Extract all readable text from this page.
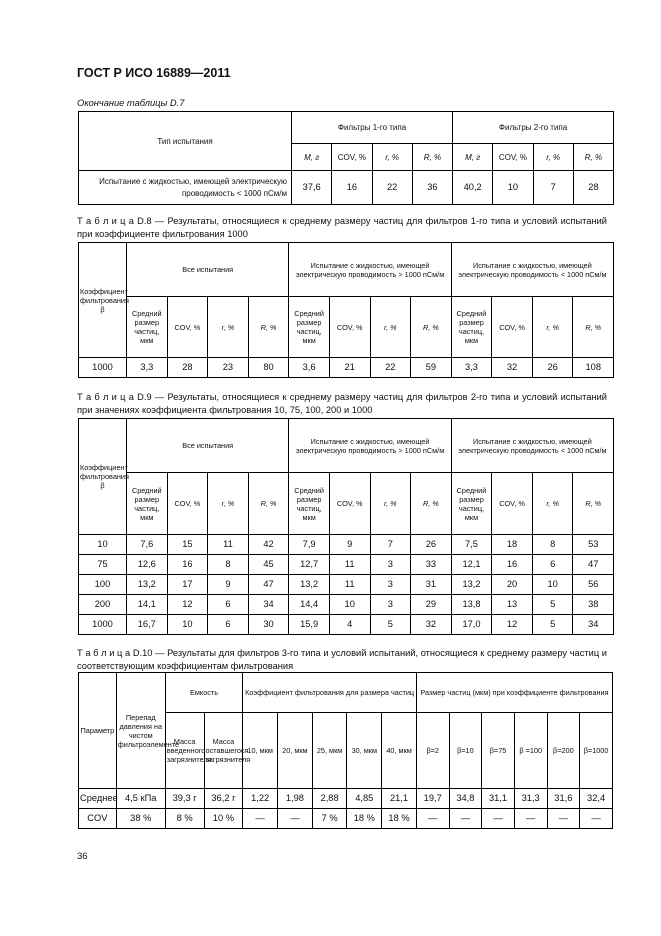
ГОСТ Р ИСО 16889—2011
Окончание таблицы D.7
Тип испытания	Фильтры 1-го типа				Фильтры 2-го типа			
	М, г	COV, %	r, %	R, %	М, г	COV, %	r, %	R, %
Испытание с жидкостью, имеющей электрическую проводимость < 1000 пСм/м	37,6	16	22	36	40,2	10	7	28
Т а б л и ц а D.8 — Результаты, относящиеся к среднему размеру частиц для фильтров 1-го типа и условий испытаний при коэффициенте фильтрования 1000
Коэффициент фильтрования β	Все испытания				Испытание с жидкостью, имеющей электрическую проводимость > 1000 пСм/м				Испытание с жидкостью, имеющей электрическую проводимость < 1000 пСм/м			
	Средний размер частиц, мкм	COV, %	r, %	R, %	Средний размер частиц, мкм	COV, %	r, %	R, %	Средний размер частиц, мкм	COV, %	r, %	R, %
1000	3,3	28	23	80	3,6	21	22	59	3,3	32	26	108
Т а б л и ц а D.9 — Результаты, относящиеся к среднему размеру частиц для фильтров 2-го типа и условий испытаний при значениях коэффициента фильтрования 10, 75, 100, 200 и 1000
Коэффициент фильтрования β	Все испытания				Испытание с жидкостью, имеющей электрическую проводимость > 1000 пСм/м				Испытание с жидкостью, имеющей электрическую проводимость < 1000 пСм/м			
	Средний размер частиц, мкм	COV, %	r, %	R, %	Средний размер частиц, мкм	COV, %	r, %	R, %	Средний размер частиц, мкм	COV, %	r, %	R, %
10	7,6	15	11	42	7,9	9	7	26	7,5	18	8	53
75	12,6	16	8	45	12,7	11	3	33	12,1	16	6	47
100	13,2	17	9	47	13,2	11	3	31	13,2	20	10	56
200	14,1	12	6	34	14,4	10	3	29	13,8	13	5	38
1000	16,7	10	6	30	15,9	4	5	32	17,0	12	5	34
Т а б л и ц а D.10 — Результаты для фильтров 3-го типа и условий испытаний, относящиеся к среднему размеру частиц и соответствующим коэффициентам фильтрования
Параметр	Перепад давления на чистом фильтроэлементе	Емкость		Коэффициент фильтрования для размера частиц					Размер частиц (мкм) при коэффициенте фильтрования					

		Масса введенного загрязнителя	Масса оставшегося загрязнителя	10, мкм	20, мкм	25, мкм	30, мкм	40, мкм	β=2	β=10	β=75	β =100	β=200	β=1000
Среднее	4,5 кПа	39,3 г	36,2 г	1,22	1,98	2,88	4,85	21,1	19,7	34,8	31,1	31,3	31,6	32,4
COV	38 %	8 %	10 %	—	—	7 %	18 %	18 %	—	—	—	—	—	—
36
